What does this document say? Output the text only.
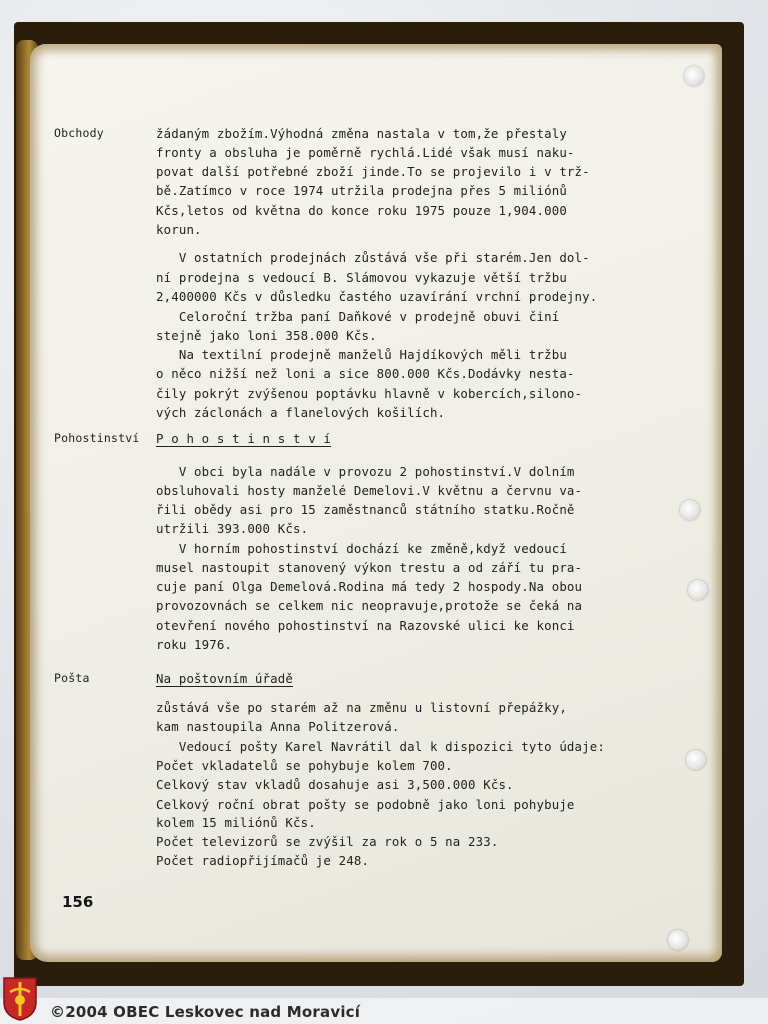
Obchody	žádaným zbožím.Výhodná změna nastala v tom,že přestaly
fronty a obsluha je poměrně rychlá.Lidé však musí naku-
povat další potřebné zboží jinde.To se projevilo i v trž-
bě.Zatímco v roce 1974 utržila prodejna přes 5 miliónů
Kčs,letos od května do konce roku 1975 pouze 1,904.000
korun.
V ostatních prodejnách zůstává vše při starém.Jen dol-
ní prodejna s vedoucí B. Slámovou vykazuje větší tržbu
2,400000 Kčs v důsledku častého uzavírání vrchní prodejny.
Celoroční tržba paní Daňkové v prodejně obuvi činí
stejně jako loni 358.000 Kčs.
Na textilní prodejně manželů Hajdíkových měli tržbu
o něco nižší než loni a sice 800.000 Kčs.Dodávky nesta-
čily pokrýt zvýšenou poptávku hlavně v kobercích,silono-
vých záclonách a flanelových košilích.
Pohostinství P o h o s t i n s t v í
V obci byla nadále v provozu 2 pohostinství.V dolním
obsluhovali hosty manželé Demelovi.V květnu a červnu va-
řili obědy asi pro 15 zaměstnanců státního statku.Ročně
utržili 393.000 Kčs.
V horním pohostinství dochází ke změně,když vedoucí
musel nastoupit stanovený výkon trestu a od září tu pra-
cuje paní Olga Demelová.Rodina má tedy 2 hospody.Na obou
provozovnách se celkem nic neopravuje,protože se čeká na
otevření nového pohostinství na Razovské ulici ke konci
roku 1976.
Pošta	Na poštovním úřadě
zůstává vše po starém až na změnu u listovní přepážky,
kam nastoupila Anna Politzerová.
Vedoucí pošty Karel Navrátil dal k dispozici tyto údaje:
Počet vkladatelů se pohybuje kolem 700.
Celkový stav vkladů dosahuje asi 3,500.000 Kčs.
Celkový roční obrat pošty se podobně jako loni pohybuje
kolem 15 miliónů Kčs.
Počet televizorů se zvýšil za rok o 5 na 233.
Počet radiopřijímačů je 248.
156
©2004 OBEC Leskovec nad Moravicí
